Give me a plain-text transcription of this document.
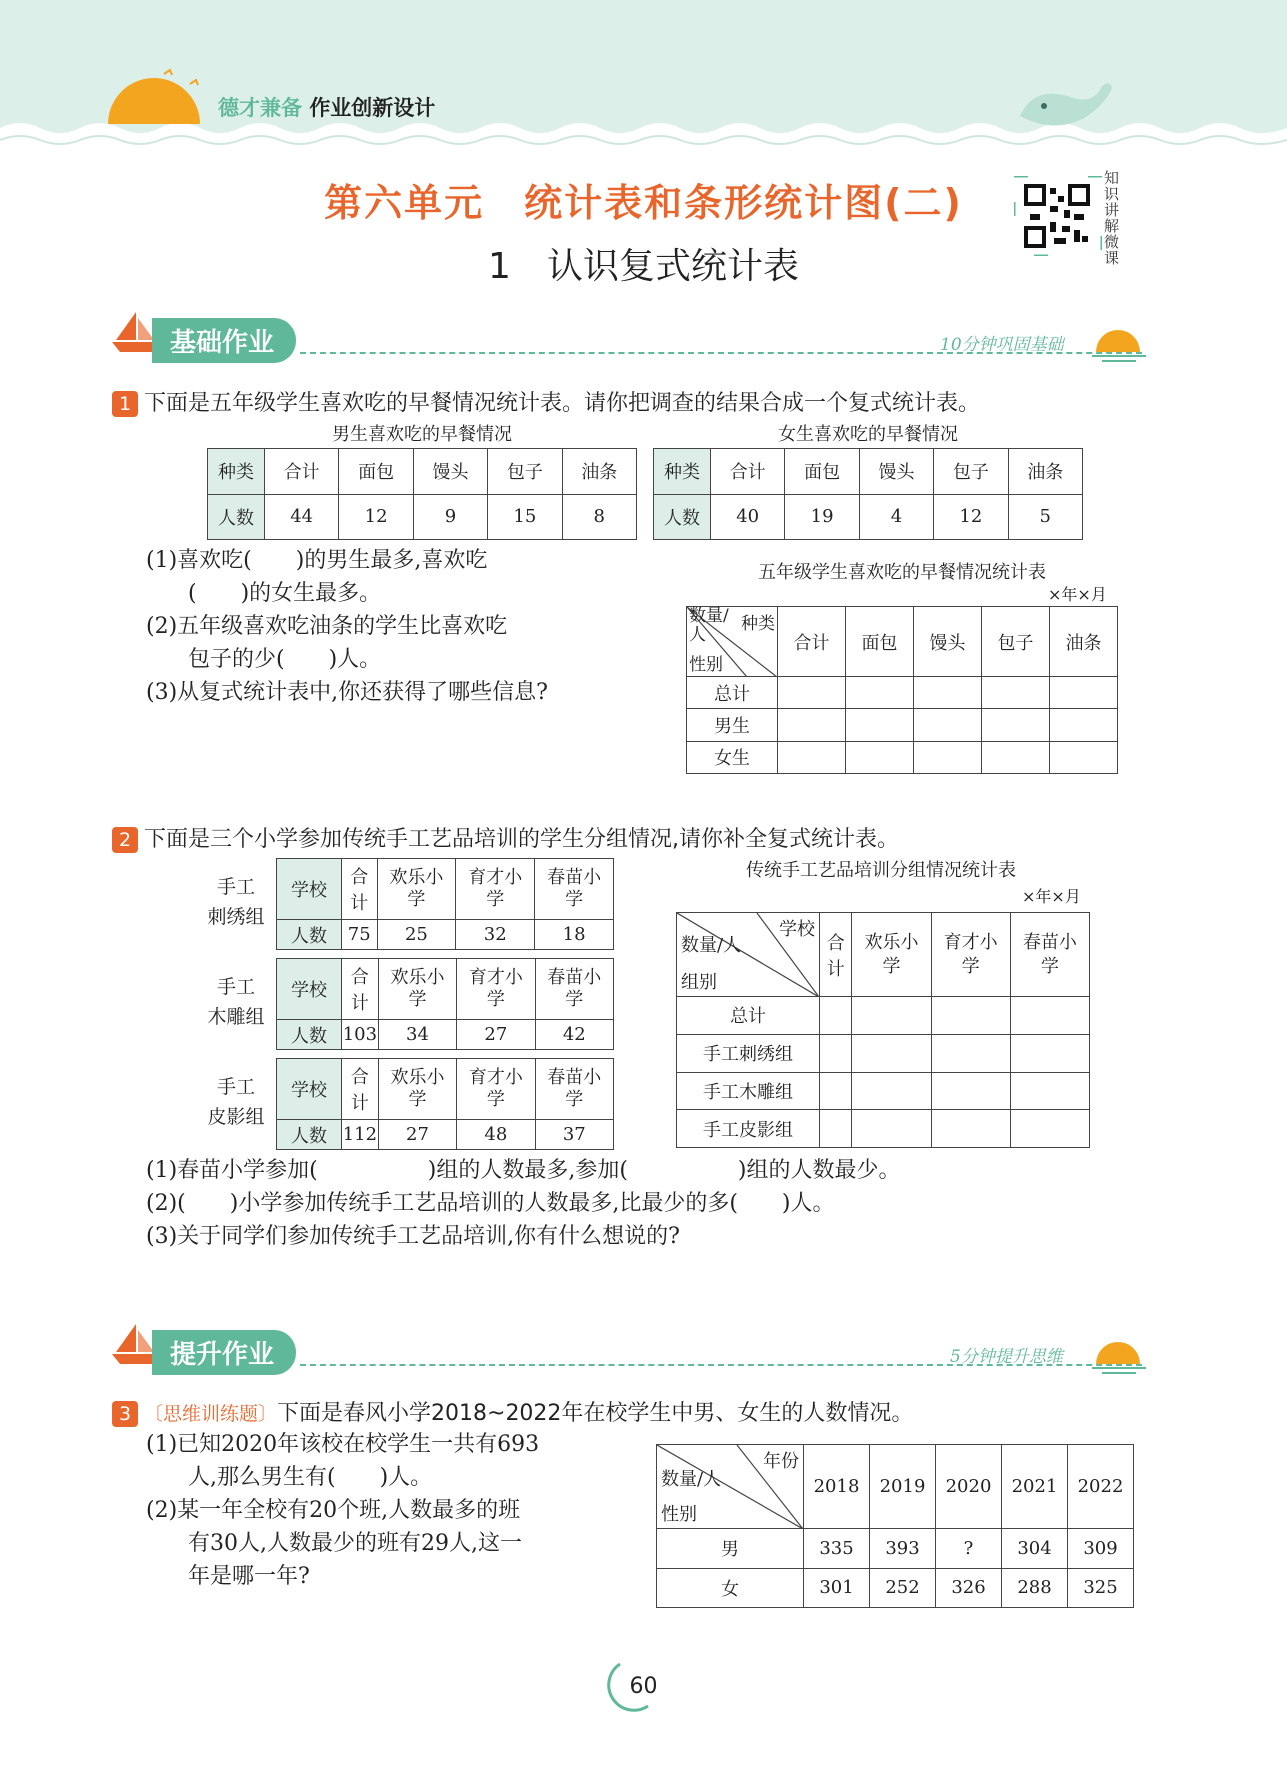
德才兼备 作业创新设计
第六单元　统计表和条形统计图(二)
1　认识复式统计表
知识讲解微课
基础作业	10分钟巩固基础
1 下面是五年级学生喜欢吃的早餐情况统计表。请你把调查的结果合成一个复式统计表。
男生喜欢吃的早餐情况	女生喜欢吃的早餐情况
种类	合计	面包	馒头	包子	油条
人数	44	12	9	15	8
种类	合计	面包	馒头	包子	油条
人数	40	19	4	12	5
(1)喜欢吃(　　)的男生最多,喜欢吃
(　　)的女生最多。
(2)五年级喜欢吃油条的学生比喜欢吃
包子的少(　　)人。
(3)从复式统计表中,你还获得了哪些信息?
五年级学生喜欢吃的早餐情况统计表
×年×月
种类
数量/人
性别	合计	面包	馒头	包子	油条
总计					
男生					
女生					
2 下面是三个小学参加传统手工艺品培训的学生分组情况,请你补全复式统计表。
手工
刺绣组
学校	合计	欢乐小学	育才小学	春苗小学
人数	75	25	32	18
手工
木雕组
学校	合计	欢乐小学	育才小学	春苗小学
人数	103	34	27	42
手工
皮影组
学校	合计	欢乐小学	育才小学	春苗小学
人数	112	27	48	37
传统手工艺品培训分组情况统计表
×年×月
学校
数量/人
组别	合计	欢乐小学	育才小学	春苗小学
总计				
手工刺绣组				
手工木雕组				
手工皮影组				
(1)春苗小学参加(　　　　　)组的人数最多,参加(　　　　　)组的人数最少。
(2)(　　)小学参加传统手工艺品培训的人数最多,比最少的多(　　)人。
(3)关于同学们参加传统手工艺品培训,你有什么想说的?
提升作业	5分钟提升思维
3 〔思维训练题〕下面是春风小学2018~2022年在校学生中男、女生的人数情况。
(1)已知2020年该校在校学生一共有693
人,那么男生有(　　)人。
(2)某一年全校有20个班,人数最多的班
有30人,人数最少的班有29人,这一
年是哪一年?
年份
数量/人
性别	2018	2019	2020	2021	2022
男	335	393	?	304	309
女	301	252	326	288	325
60
